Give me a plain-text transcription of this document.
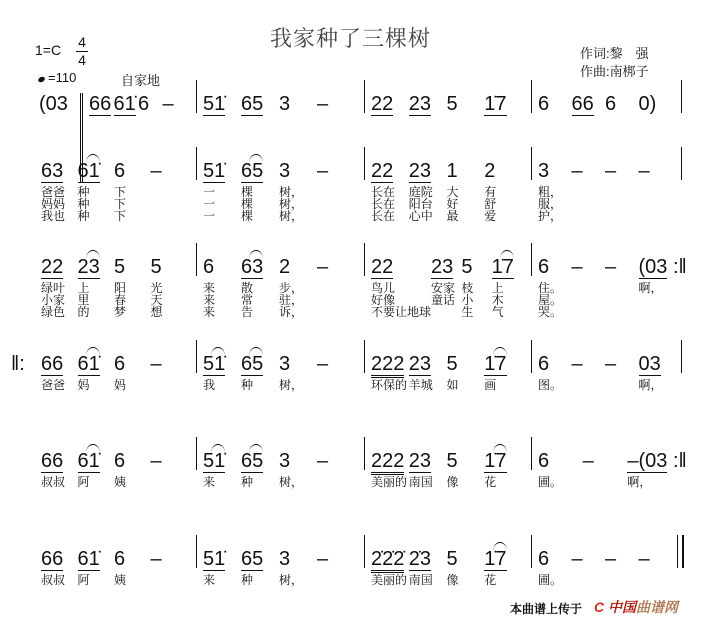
我家种了三棵树
$1=C \frac{4}{4}$
=110	自家地
作词:黎　强
作曲:南梆子
(03 66 61̇ 6 –	51̇ 65 3	–	22 23 5	1̇7	6	66 6	0)
63 61̇ 6	–
爸爸	种	下
妈妈	种	下
我也	种	下
51̇ 65 3	–
一	棵	树，
一	棵	树，
一	棵	树，
22 23 1	2
长在	庭院	大	有
长在	阳台	好	舒
长在	心中	最	爱
3	–	–	–
粗，
服，
护，
22 23 5	5
绿叶	上	阳	光
小家	里	春	天
绿色	的	梦	想
6	63 2	–
来	散	步，
来	常	驻，
来	告	诉，
22	23 5 1̇7
鸟儿	安家 枝	上
好像	童话 小	木
不要让地球	生	气
6	–	–	(03
住。	啊，
屋。
哭。
:‖
‖: 66 61̇ 6	–
爸爸	妈	妈
51̇ 65 3	–
我	种	树，
222 23 5	1̇7
环保的 羊城	如	画
6	–	–	03
图。	啊，
66 61̇ 6	–
叔叔	阿	姨
51̇ 65 3	–
来	种	树，
222 23 5	1̇7
美丽的 南国	像	花
6	–	–(03
圃。	啊，
:‖
66 61̇ 6	–
叔叔	阿	姨
51̇ 65 3	–
来	种	树，
2̇2̇2̇ 2̇3 5	1̇7
美丽的 南国	像	花
6	–	–	–
圃。
本曲谱上传于 C 中国曲谱网
